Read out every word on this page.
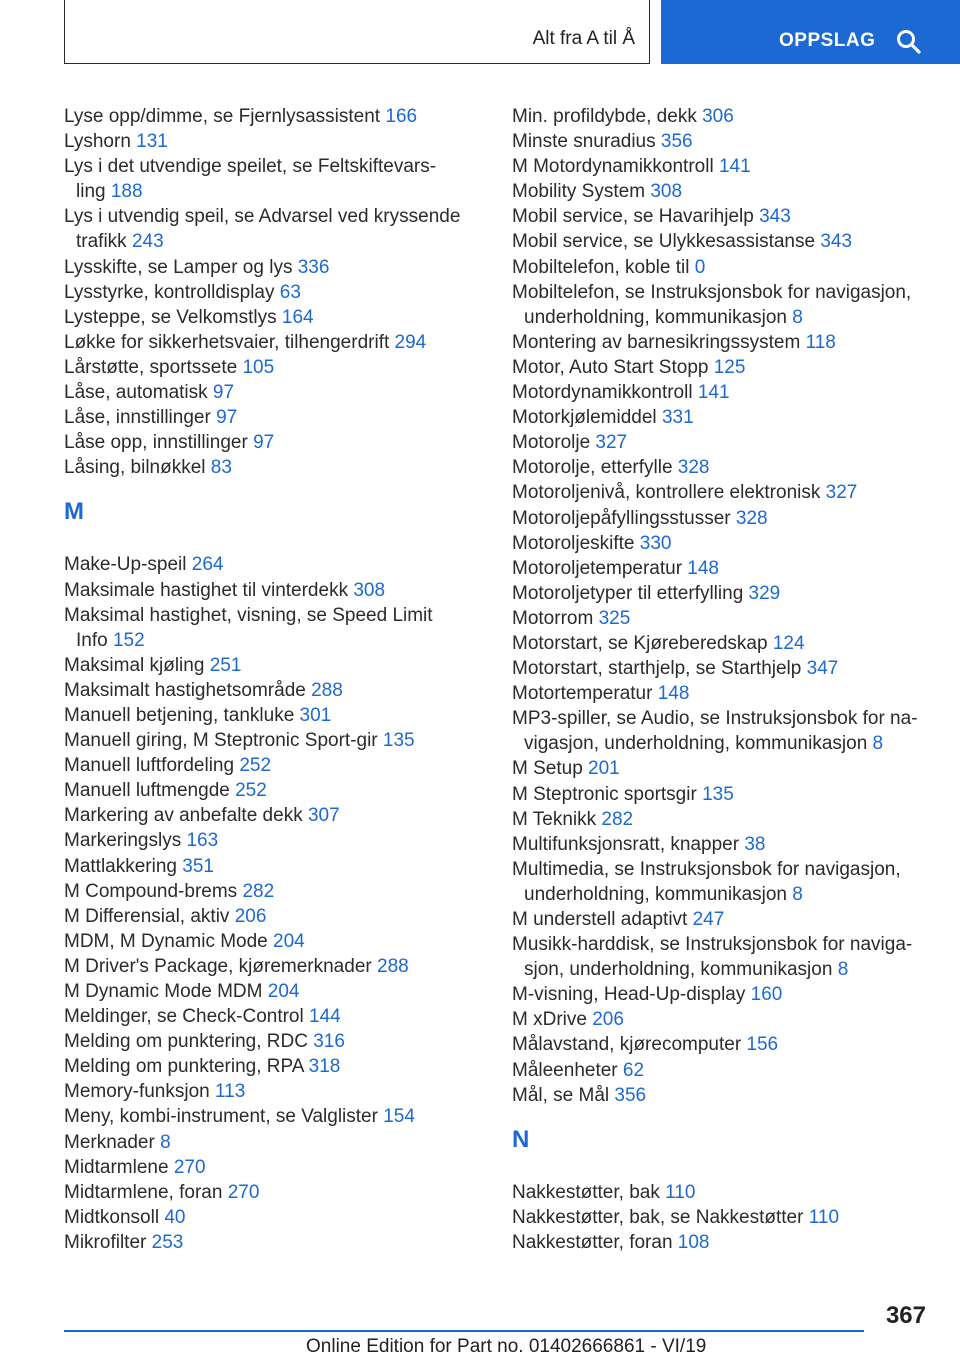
Alt fra A til Å	OPPSLAG
Lyse opp/dimme, se Fjernlysassistent 166
Lyshorn 131
Lys i det utvendige speilet, se Feltskiftevars-
ling 188
Lys i utvendig speil, se Advarsel ved kryssende
trafikk 243
Lysskifte, se Lamper og lys 336
Lysstyrke, kontrolldisplay 63
Lysteppe, se Velkomstlys 164
Løkke for sikkerhetsvaier, tilhengerdrift 294
Lårstøtte, sportssete 105
Låse, automatisk 97
Låse, innstillinger 97
Låse opp, innstillinger 97
Låsing, bilnøkkel 83
M
Make-Up-speil 264
Maksimale hastighet til vinterdekk 308
Maksimal hastighet, visning, se Speed Limit
Info 152
Maksimal kjøling 251
Maksimalt hastighetsområde 288
Manuell betjening, tankluke 301
Manuell giring, M Steptronic Sport-gir 135
Manuell luftfordeling 252
Manuell luftmengde 252
Markering av anbefalte dekk 307
Markeringslys 163
Mattlakkering 351
M Compound-brems 282
M Differensial, aktiv 206
MDM, M Dynamic Mode 204
M Driver's Package, kjøremerknader 288
M Dynamic Mode MDM 204
Meldinger, se Check-Control 144
Melding om punktering, RDC 316
Melding om punktering, RPA 318
Memory-funksjon 113
Meny, kombi-instrument, se Valglister 154
Merknader 8
Midtarmlene 270
Midtarmlene, foran 270
Midtkonsoll 40
Mikrofilter 253
Min. profildybde, dekk 306
Minste snuradius 356
M Motordynamikkontroll 141
Mobility System 308
Mobil service, se Havarihjelp 343
Mobil service, se Ulykkesassistanse 343
Mobiltelefon, koble til 0
Mobiltelefon, se Instruksjonsbok for navigasjon,
underholdning, kommunikasjon 8
Montering av barnesikringssystem 118
Motor, Auto Start Stopp 125
Motordynamikkontroll 141
Motorkjølemiddel 331
Motorolje 327
Motorolje, etterfylle 328
Motoroljenivå, kontrollere elektronisk 327
Motoroljepåfyllingsstusser 328
Motoroljeskifte 330
Motoroljetemperatur 148
Motoroljetyper til etterfylling 329
Motorrom 325
Motorstart, se Kjørеberedskap 124
Motorstart, starthjelp, se Starthjelp 347
Motortemperatur 148
MP3-spiller, se Audio, se Instruksjonsbok for na-
vigasjon, underholdning, kommunikasjon 8
M Setup 201
M Steptronic sportsgir 135
M Teknikk 282
Multifunksjonsratt, knapper 38
Multimedia, se Instruksjonsbok for navigasjon,
underholdning, kommunikasjon 8
M understell adaptivt 247
Musikk-harddisk, se Instruksjonsbok for naviga-
sjon, underholdning, kommunikasjon 8
M-visning, Head-Up-display 160
M xDrive 206
Målavstand, kjørecomputer 156
Måleenheter 62
Mål, se Mål 356
N
Nakkestøtter, bak 110
Nakkestøtter, bak, se Nakkestøtter 110
Nakkestøtter, foran 108
367
Online Edition for Part no. 01402666861 - VI/19
